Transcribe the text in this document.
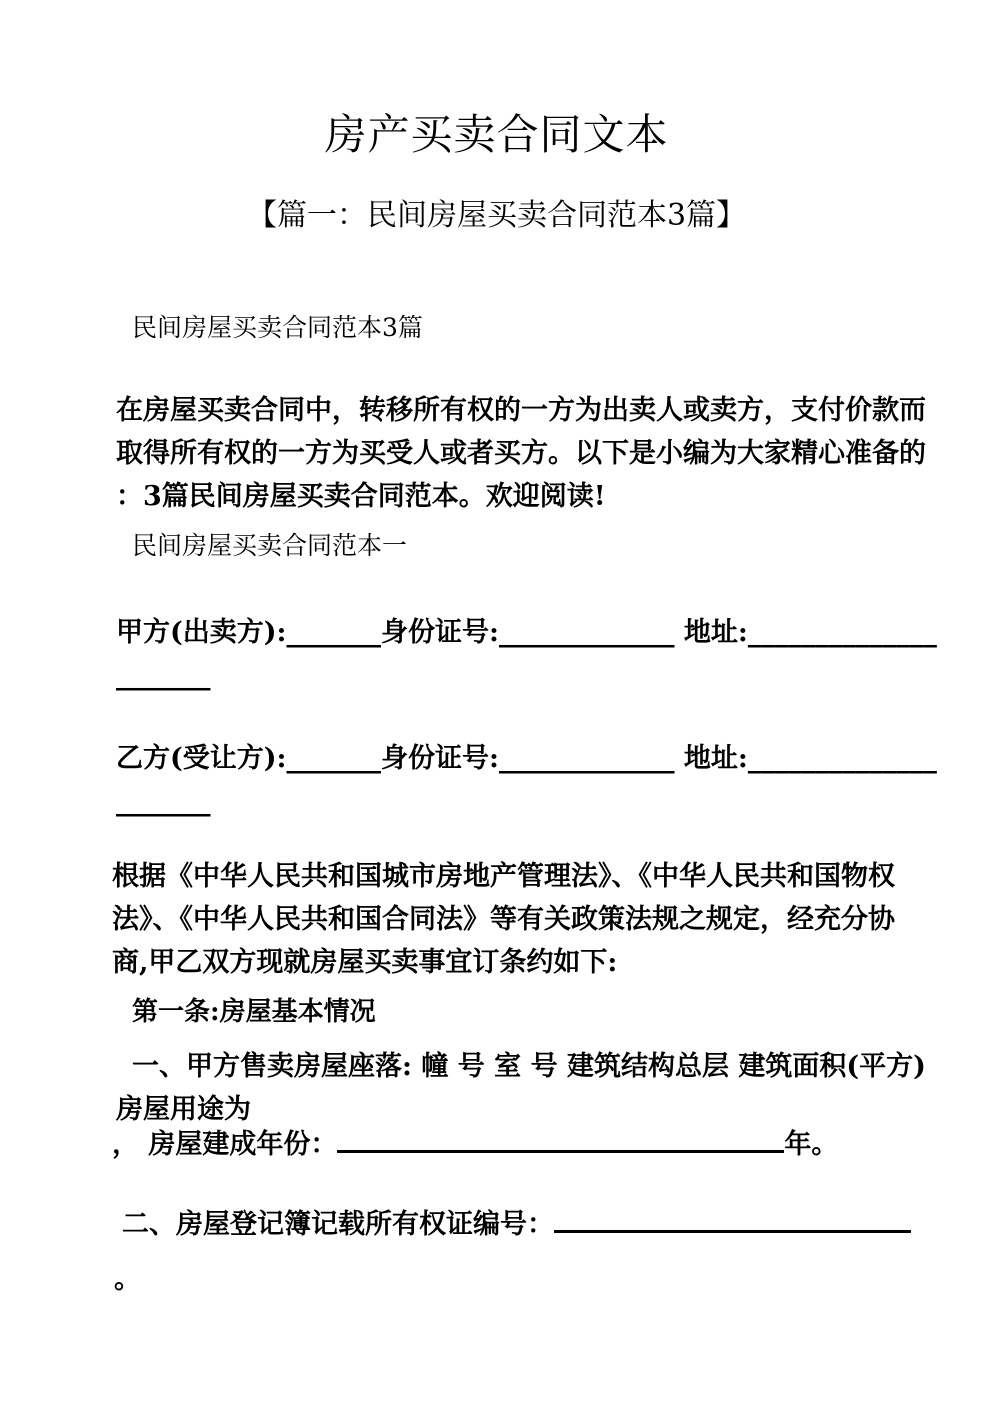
房产买卖合同文本
【篇一：民间房屋买卖合同范本3篇】
民间房屋买卖合同范本3篇
在房屋买卖合同中，转移所有权的一方为出卖人或卖方，支付价款而
取得所有权的一方为买受人或者买方。以下是小编为大家精心准备的
：3篇民间房屋买卖合同范本。欢迎阅读!
民间房屋买卖合同范本一
甲方(出卖方):_______身份证号:_____________ 地址:______________
_______
乙方(受让方):_______身份证号:_____________ 地址:______________
_______
根据《中华人民共和国城市房地产管理法》、《中华人民共和国物权
法》、《中华人民共和国合同法》等有关政策法规之规定，经充分协
商,甲乙双方现就房屋买卖事宜订条约如下:
第一条:房屋基本情况
一、甲方售卖房屋座落: 幢 号 室 号 建筑结构总层 建筑面积(平方)
房屋用途为
， 房屋建成年份：	年。
二、房屋登记簿记载所有权证编号：
。
